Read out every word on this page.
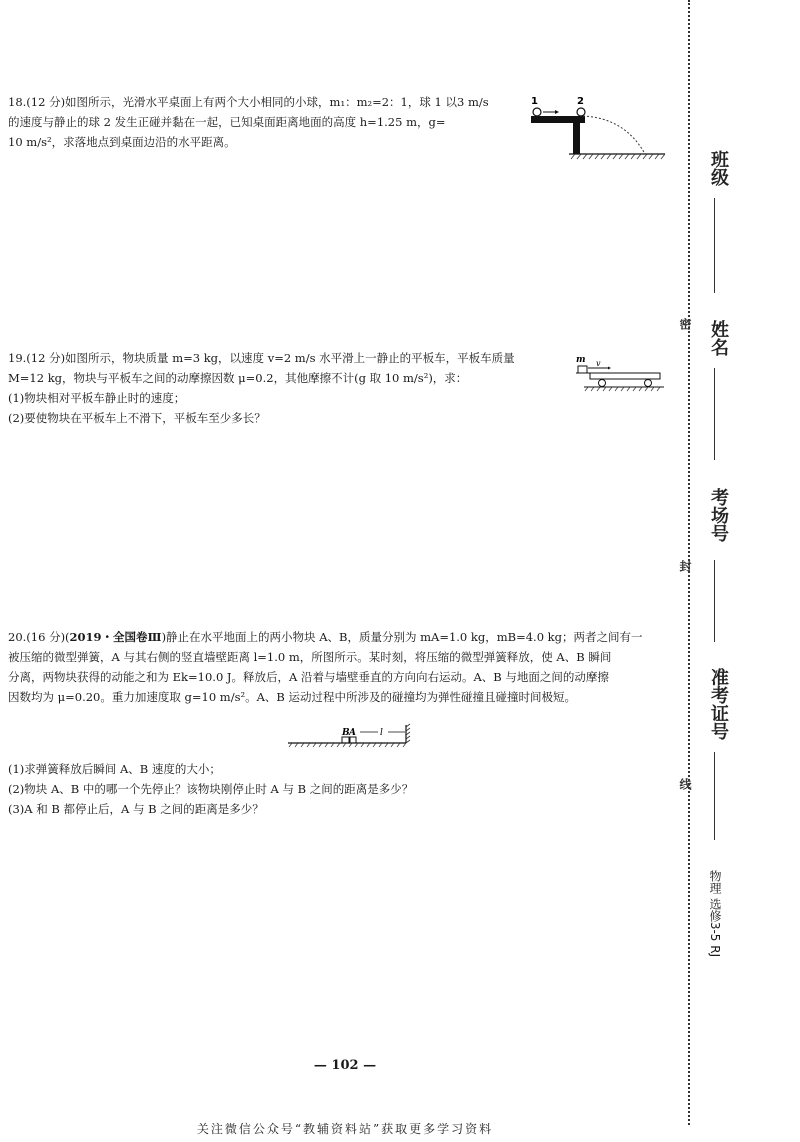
18.(12 分)如图所示，光滑水平桌面上有两个大小相同的小球，m₁：m₂=2：1，球 1 以3 m/s

的速度与静止的球 2 发生正碰并黏在一起，已知桌面距离地面的高度 h=1.25 m，g=

10 m/s²，求落地点到桌面边沿的水平距离。

1	2

19.(12 分)如图所示，物块质量 m=3 kg，以速度 v=2 m/s 水平滑上一静止的平板车，平板车质量

M=12 kg，物块与平板车之间的动摩擦因数 μ=0.2，其他摩擦不计(g 取 10 m/s²)，求：

(1)物块相对平板车静止时的速度；

(2)要使物块在平板车上不滑下，平板车至少多长？

m v

20.(16 分)(2019・全国卷Ⅲ)静止在水平地面上的两小物块 A、B，质量分别为 mA=1.0 kg，mB=4.0 kg；两者之间有一

被压缩的微型弹簧，A 与其右侧的竖直墙壁距离 l=1.0 m，所图所示。某时刻，将压缩的微型弹簧释放，使 A、B 瞬间

分离，两物块获得的动能之和为 Ek=10.0 J。释放后，A 沿着与墙壁垂直的方向向右运动。A、B 与地面之间的动摩擦

因数均为 μ=0.20。重力加速度取 g=10 m/s²。A、B 运动过程中所涉及的碰撞均为弹性碰撞且碰撞时间极短。

B A	l

(1)求弹簧释放后瞬间 A、B 速度的大小；

(2)物块 A、B 中的哪一个先停止？该物块刚停止时 A 与 B 之间的距离是多少？

(3)A 和 B 都停止后，A 与 B 之间的距离是多少？

班级
姓名
考场号
准考证号
密
封
线
物理 选修3-5 RJ
— 102 —
关注微信公众号“教辅资料站”获取更多学习资料
